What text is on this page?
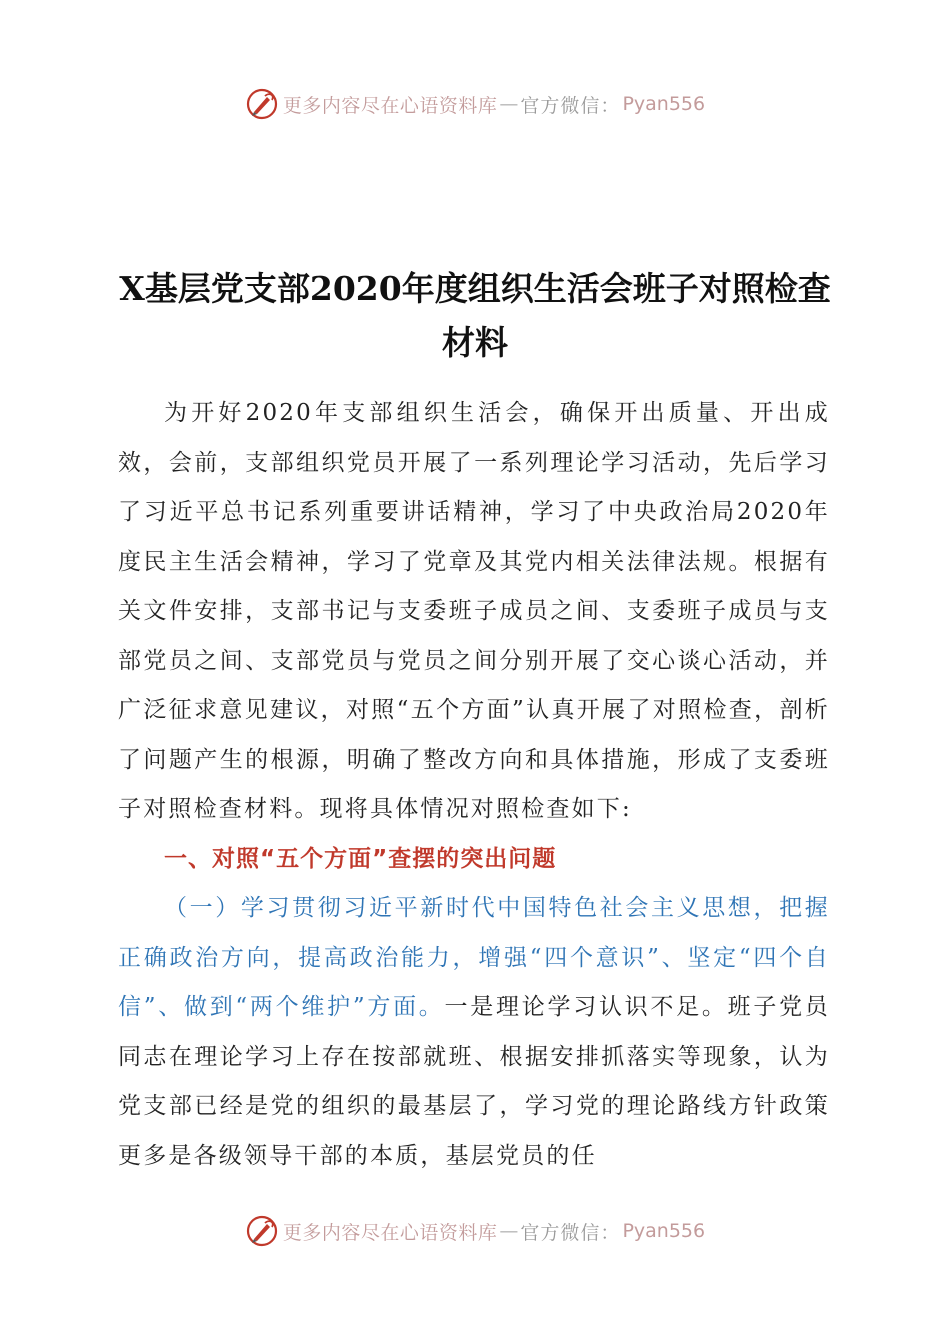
更多内容尽在心语资料库 — 官方微信： Pyan556
X基层党支部2020年度组织生活会班子对照检查材料

为开好2020年支部组织生活会，确保开出质量、开出成效，会前，支部组织党员开展了一系列理论学习活动，先后学习了习近平总书记系列重要讲话精神，学习了中央政治局2020年度民主生活会精神，学习了党章及其党内相关法律法规。根据有关文件安排，支部书记与支委班子成员之间、支委班子成员与支部党员之间、支部党员与党员之间分别开展了交心谈心活动，并广泛征求意见建议，对照“五个方面”认真开展了对照检查，剖析了问题产生的根源，明确了整改方向和具体措施，形成了支委班子对照检查材料。现将具体情况对照检查如下:

一、对照“五个方面”查摆的突出问题

（一）学习贯彻习近平新时代中国特色社会主义思想，把握正确政治方向，提高政治能力，增强“四个意识”、坚定“四个自信”、做到“两个维护”方面。一是理论学习认识不足。班子党员同志在理论学习上存在按部就班、根据安排抓落实等现象，认为党支部已经是党的组织的最基层了，学习党的理论路线方针政策更多是各级领导干部的本质，基层党员的任

更多内容尽在心语资料库 — 官方微信： Pyan556
